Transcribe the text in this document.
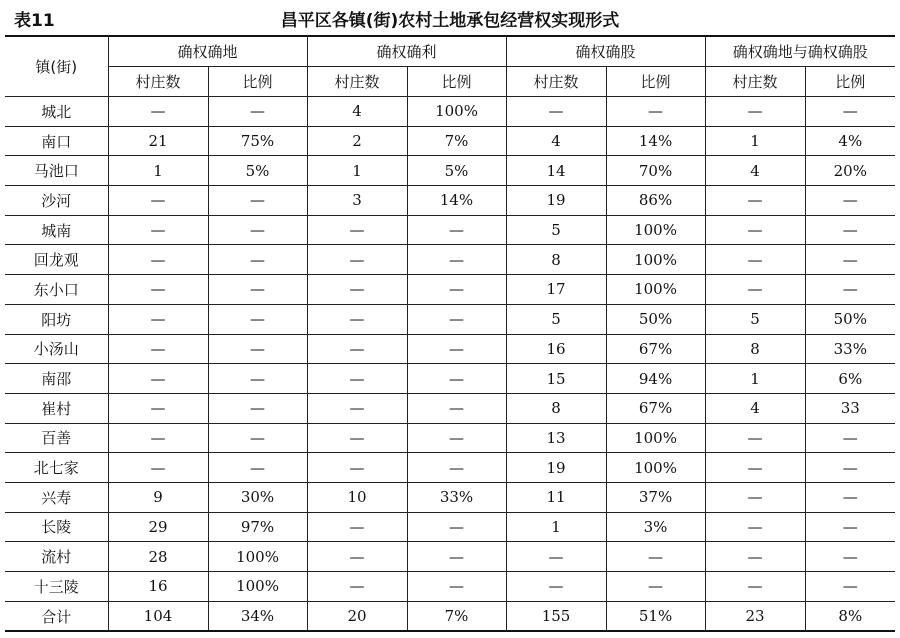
昌平区各镇(街)农村土地承包经营权实现形式
表11
镇(街)	确权确地		确权确利		确权确股		确权确地与确权确股	
	村庄数	比例	村庄数	比例	村庄数	比例	村庄数	比例
城北	—	—	4	100%	—	—	—	—
南口	21	75%	2	7%	4	14%	1	4%
马池口	1	5%	1	5%	14	70%	4	20%
沙河	—	—	3	14%	19	86%	—	—
城南	—	—	—	—	5	100%	—	—
回龙观	—	—	—	—	8	100%	—	—
东小口	—	—	—	—	17	100%	—	—
阳坊	—	—	—	—	5	50%	5	50%
小汤山	—	—	—	—	16	67%	8	33%
南邵	—	—	—	—	15	94%	1	6%
崔村	—	—	—	—	8	67%	4	33
百善	—	—	—	—	13	100%	—	—
北七家	—	—	—	—	19	100%	—	—
兴寿	9	30%	10	33%	11	37%	—	—
长陵	29	97%	—	—	1	3%	—	—
流村	28	100%	—	—	—	—	—	—
十三陵	16	100%	—	—	—	—	—	—
合计	104	34%	20	7%	155	51%	23	8%
